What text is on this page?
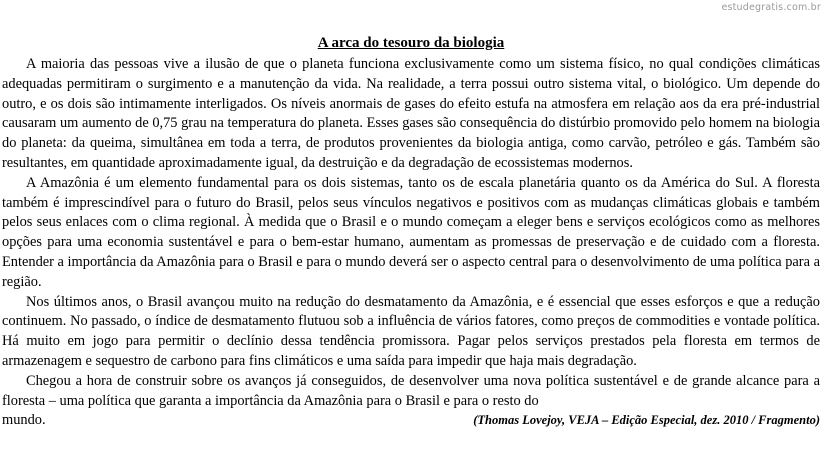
estudegratis.com.br
A arca do tesouro da biologia

A maioria das pessoas vive a ilusão de que o planeta funciona exclusivamente como um sistema físico, no qual condições climáticas adequadas permitiram o surgimento e a manutenção da vida. Na realidade, a terra possui outro sistema vital, o biológico. Um depende do outro, e os dois são intimamente interligados. Os níveis anormais de gases do efeito estufa na atmosfera em relação aos da era pré-industrial causaram um aumento de 0,75 grau na temperatura do planeta. Esses gases são consequência do distúrbio promovido pelo homem na biologia do planeta: da queima, simultânea em toda a terra, de produtos provenientes da biologia antiga, como carvão, petróleo e gás. Também são resultantes, em quantidade aproximadamente igual, da destruição e da degradação de ecossistemas modernos.

A Amazônia é um elemento fundamental para os dois sistemas, tanto os de escala planetária quanto os da América do Sul. A floresta também é imprescindível para o futuro do Brasil, pelos seus vínculos negativos e positivos com as mudanças climáticas globais e também pelos seus enlaces com o clima regional. À medida que o Brasil e o mundo começam a eleger bens e serviços ecológicos como as melhores opções para uma economia sustentável e para o bem-estar humano, aumentam as promessas de preservação e de cuidado com a floresta. Entender a importância da Amazônia para o Brasil e para o mundo deverá ser o aspecto central para o desenvolvimento de uma política para a região.

Nos últimos anos, o Brasil avançou muito na redução do desmatamento da Amazônia, e é essencial que esses esforços e que a redução continuem. No passado, o índice de desmatamento flutuou sob a influência de vários fatores, como preços de commodities e vontade política. Há muito em jogo para permitir o declínio dessa tendência promissora. Pagar pelos serviços prestados pela floresta em termos de armazenagem e sequestro de carbono para fins climáticos e uma saída para impedir que haja mais degradação.

Chegou a hora de construir sobre os avanços já conseguidos, de desenvolver uma nova política sustentável e de grande alcance para a floresta – uma política que garanta a importância da Amazônia para o Brasil e para o resto do

mundo.	(Thomas Lovejoy, VEJA – Edição Especial, dez. 2010 / Fragmento)
